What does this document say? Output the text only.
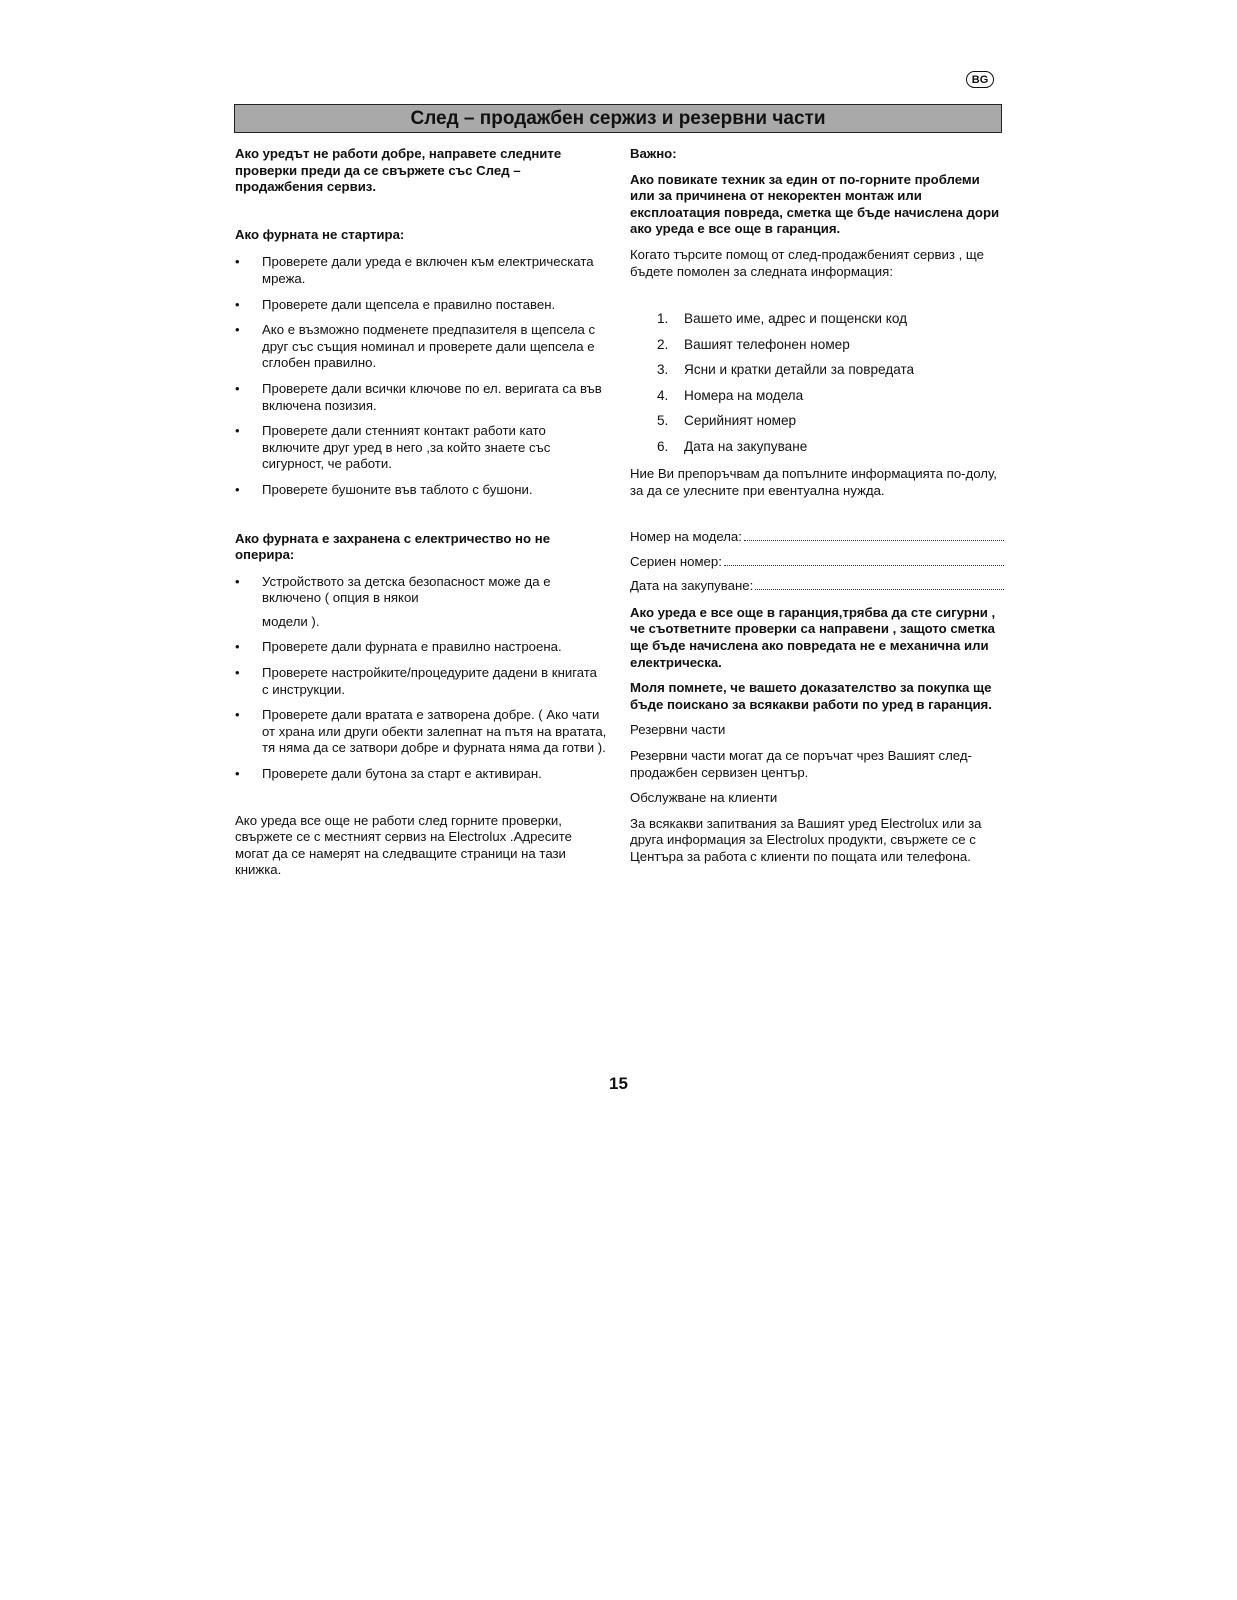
BG
След – продажбен сержиз и резервни части

Ако уредът не работи добре, направете следните проверки преди да се свържете със След – продажбения сервиз.

Ако фурната не стартира:

• Проверете дали уреда е включен към електрическата мрежа.
• Проверете дали щепсела е правилно поставен.
• Ако е възможно подменете предпазителя в щепсела с друг със същия номинал и проверете дали щепсела е сглобен правилно.
• Проверете дали всички ключове по ел. веригата са във включена позизия.
• Проверете дали стенният контакт работи като включите друг уред в него ,за който знаете със сигурност, че работи.
• Проверете бушоните във таблото с бушони.

Ако фурната е захранена с електричество но не оперира:

• Устройството за детска безопасност може да е включено ( опция в някои
модели ).
• Проверете дали фурната е правилно настроена.
• Проверете настройките/процедурите дадени в книгата с инструкции.
• Проверете дали вратата е затворена добре. ( Ако чати от храна или други обекти залепнат на пътя на вратата, тя няма да се затвори добре и фурната няма да готви ).
• Проверете дали бутона за старт е активиран.

Ако уреда все още не работи след горните проверки, свържете се с местният сервиз на Electrolux .Адресите могат да се намерят на следващите страници на тази книжка.

Важно:

Ако повикате техник за един от по-горните проблеми или за причинена от некоректен монтаж или експлоатация повреда, сметка ще бъде начислена дори ако уреда е все още в гаранция.

Когато търсите помощ от след-продажбеният сервиз , ще бъдете помолен за следната информация:

1.	Вашето име, адрес и пощенски код
2.	Вашият телефонен номер
3.	Ясни и кратки детайли за повредата
4.	Номера на модела
5.	Серийният номер
6.	Дата на закупуване

Ние Ви препоръчвам да попълните информацията по-долу, за да се улесните при евентуална нужда.

Номер на модела:
Сериен номер:
Дата на закупуване:

Ако уреда е все още в гаранция,трябва да сте сигурни , че съответните проверки са направени , защото сметка ще бъде начислена ако повредата не е механична или електрическа.

Моля помнете, че вашето доказателство за покупка ще бъде поискано за всякакви работи по уред в гаранция.

Резервни части

Резервни части могат да се поръчат чрез Вашият след-продажбен сервизен център.

Обслужване на клиенти

За всякакви запитвания за Вашият уред Electrolux или за друга информация за Electrolux продукти, свържете се с Центъра за работа с клиенти по пощата или телефона.

15
